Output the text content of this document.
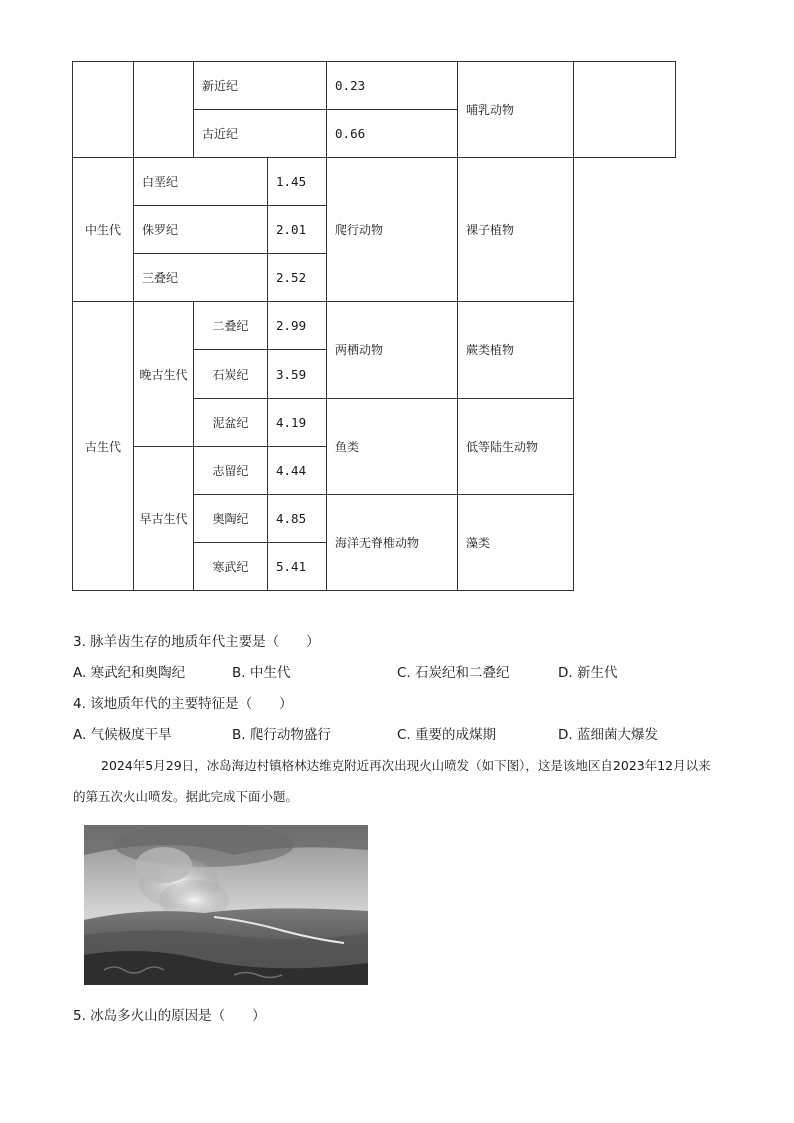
		新近纪		0.23	哺乳动物	
		古近纪		0.66		
中生代	白垩纪		1.45	爬行动物	裸子植物	
	侏罗纪		2.01			
	三叠纪		2.52			
古生代	晚古生代	二叠纪	2.99	两栖动物	蕨类植物	
		石炭纪	3.59			
		泥盆纪	4.19	鱼类	低等陆生动物	
	早古生代	志留纪	4.44			
		奥陶纪	4.85	海洋无脊椎动物	藻类	
		寒武纪	5.41			
3. 脉羊齿生存的地质年代主要是（　　）
A. 寒武纪和奥陶纪	B. 中生代	C. 石炭纪和二叠纪	D. 新生代
4. 该地质年代的主要特征是（　　）
A. 气候极度干旱	B. 爬行动物盛行	C. 重要的成煤期	D. 蓝细菌大爆发
2024年5月29日，冰岛海边村镇格林达维克附近再次出现火山喷发（如下图），这是该地区自2023年12月以来的第五次火山喷发。据此完成下面小题。
5. 冰岛多火山的原因是（　　）
